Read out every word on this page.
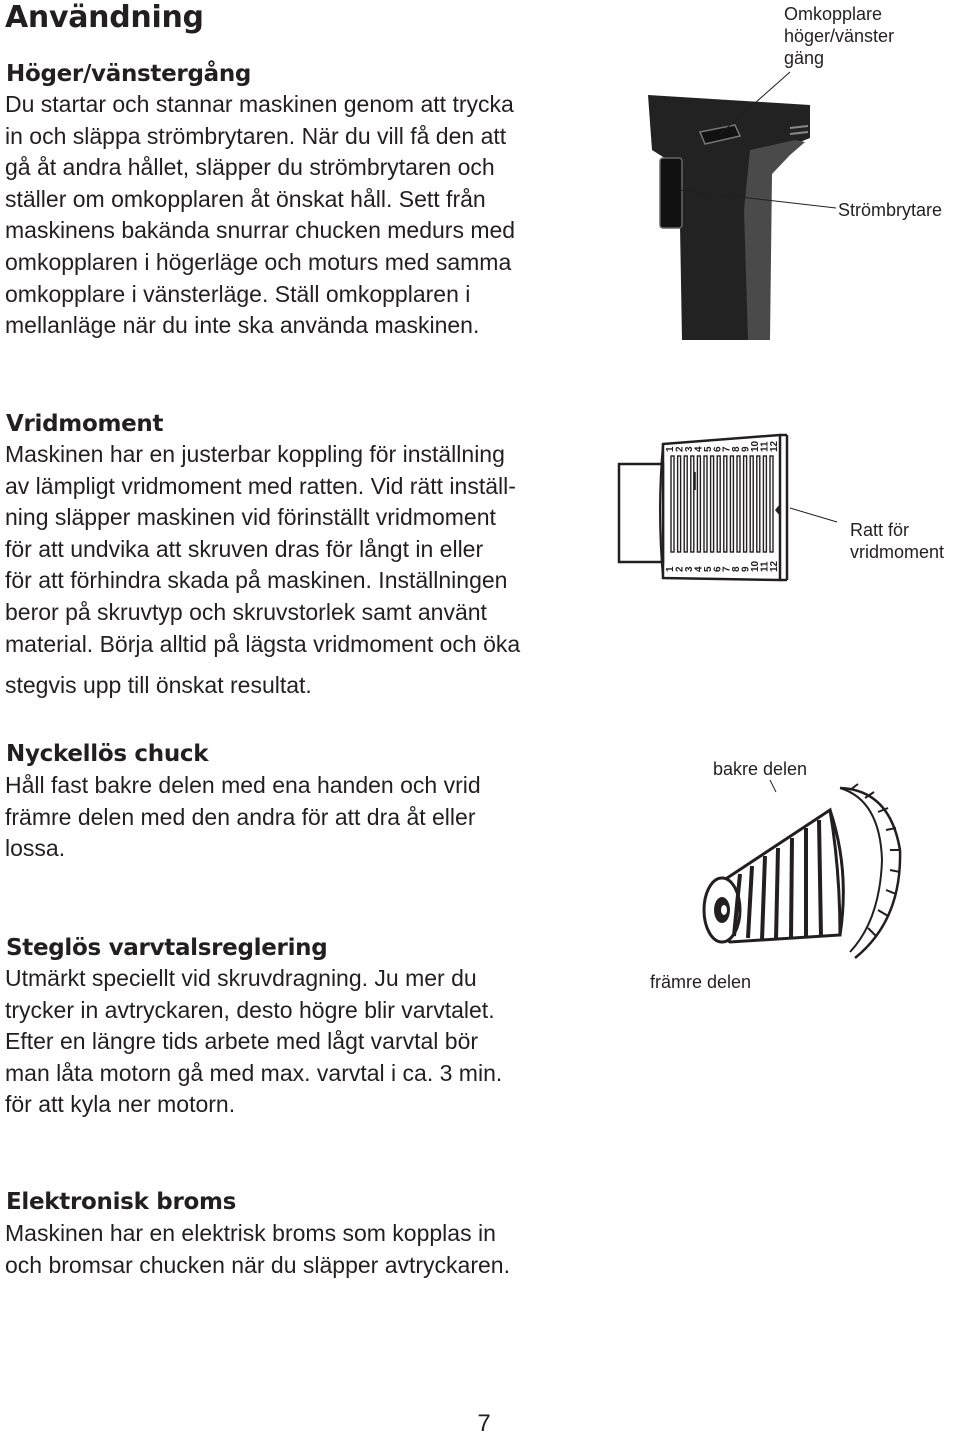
Användning
Höger/vänstergång

Du startar och stannar maskinen genom att trycka
in och släppa strömbrytaren. När du vill få den att
gå åt andra hållet, släpper du strömbrytaren och
ställer om omkopplaren åt önskat håll. Sett från
maskinens bakända snurrar chucken medurs med
omkopplaren i högerläge och moturs med samma
omkopplare i vänsterläge. Ställ omkopplaren i
mellanläge när du inte ska använda maskinen.

Omkopplare
höger/vänster
gäng
Strömbrytare
Vridmoment

Maskinen har en justerbar koppling för inställning
av lämpligt vridmoment med ratten. Vid rätt inställ-
ning släpper maskinen vid förinställt vridmoment
för att undvika att skruven dras för långt in eller
för att förhindra skada på maskinen. Inställningen
beror på skruvtyp och skruvstorlek samt använt
material. Börja alltid på lägsta vridmoment och öka

stegvis upp till önskat resultat.

1
1
2
2
3
3
4
4
5
5
6
6
7
7
8
8
9
9
10
10
11
11
12
12
Ratt för
vridmoment
Nyckellös chuck

Håll fast bakre delen med ena handen och vrid
främre delen med den andra för att dra åt eller
lossa.

bakre delen
främre delen
Steglös varvtalsreglering

Utmärkt speciellt vid skruvdragning. Ju mer du
trycker in avtryckaren, desto högre blir varvtalet.
Efter en längre tids arbete med lågt varvtal bör
man låta motorn gå med max. varvtal i ca. 3 min.
för att kyla ner motorn.

Elektronisk broms

Maskinen har en elektrisk broms som kopplas in
och bromsar chucken när du släpper avtryckaren.

7
